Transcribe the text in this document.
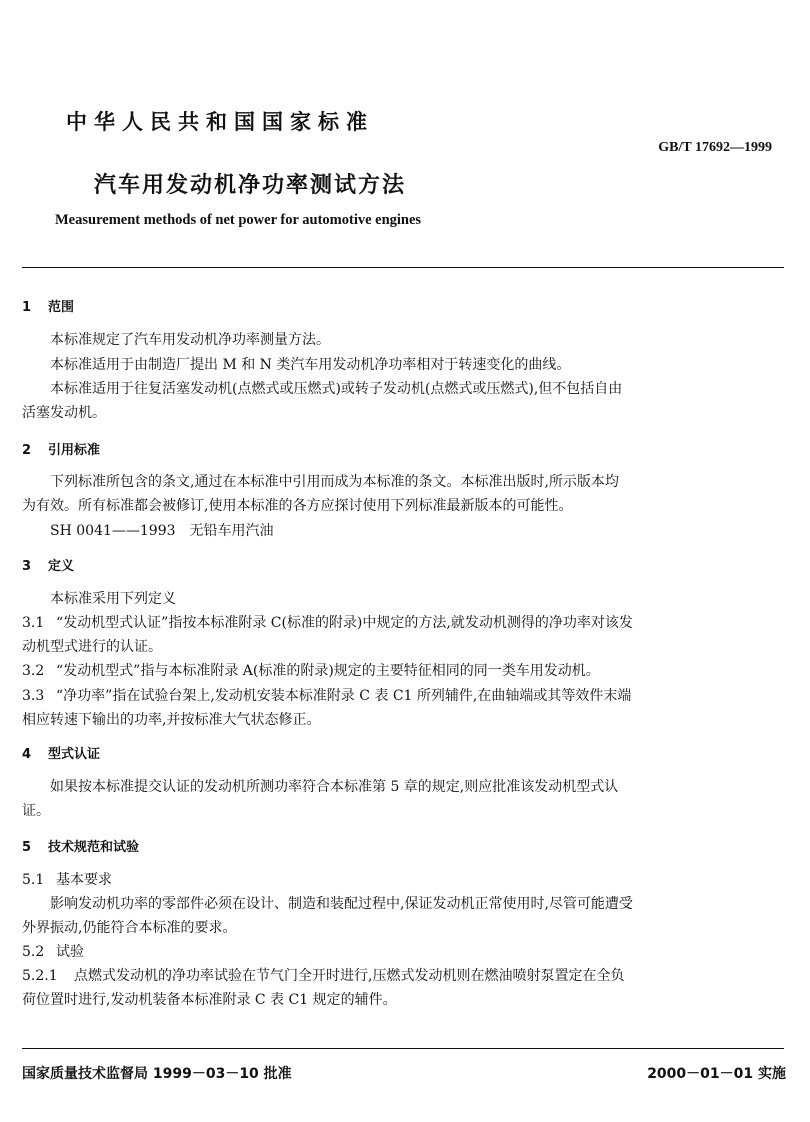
中华人民共和国国家标准
GB/T 17692—1999
汽车用发动机净功率测试方法
Measurement methods of net power for automotive engines
1 范围
本标准规定了汽车用发动机净功率测量方法。
本标准适用于由制造厂提出 M 和 N 类汽车用发动机净功率相对于转速变化的曲线。
本标准适用于往复活塞发动机(点燃式或压燃式)或转子发动机(点燃式或压燃式),但不包括自由
活塞发动机。
2 引用标准
下列标准所包含的条文,通过在本标准中引用而成为本标准的条文。本标准出版时,所示版本均
为有效。所有标准都会被修订,使用本标准的各方应探讨使用下列标准最新版本的可能性。
SH 0041——1993　无铅车用汽油
3 定义
本标准采用下列定义
3.1 “发动机型式认证”指按本标准附录 C(标准的附录)中规定的方法,就发动机测得的净功率对该发
动机型式进行的认证。
3.2 “发动机型式”指与本标准附录 A(标准的附录)规定的主要特征相同的同一类车用发动机。
3.3 “净功率”指在试验台架上,发动机安装本标准附录 C 表 C1 所列辅件,在曲轴端或其等效件末端
相应转速下输出的功率,并按标准大气状态修正。
4 型式认证
如果按本标准提交认证的发动机所测功率符合本标准第 5 章的规定,则应批准该发动机型式认
证。
5 技术规范和试验
5.1 基本要求
影响发动机功率的零部件必须在设计、制造和装配过程中,保证发动机正常使用时,尽管可能遭受
外界振动,仍能符合本标准的要求。
5.2 试验
5.2.1 点燃式发动机的净功率试验在节气门全开时进行,压燃式发动机则在燃油喷射泵置定在全负
荷位置时进行,发动机装备本标准附录 C 表 C1 规定的辅件。
国家质量技术监督局 1999－03－10 批准	2000－01－01 实施
